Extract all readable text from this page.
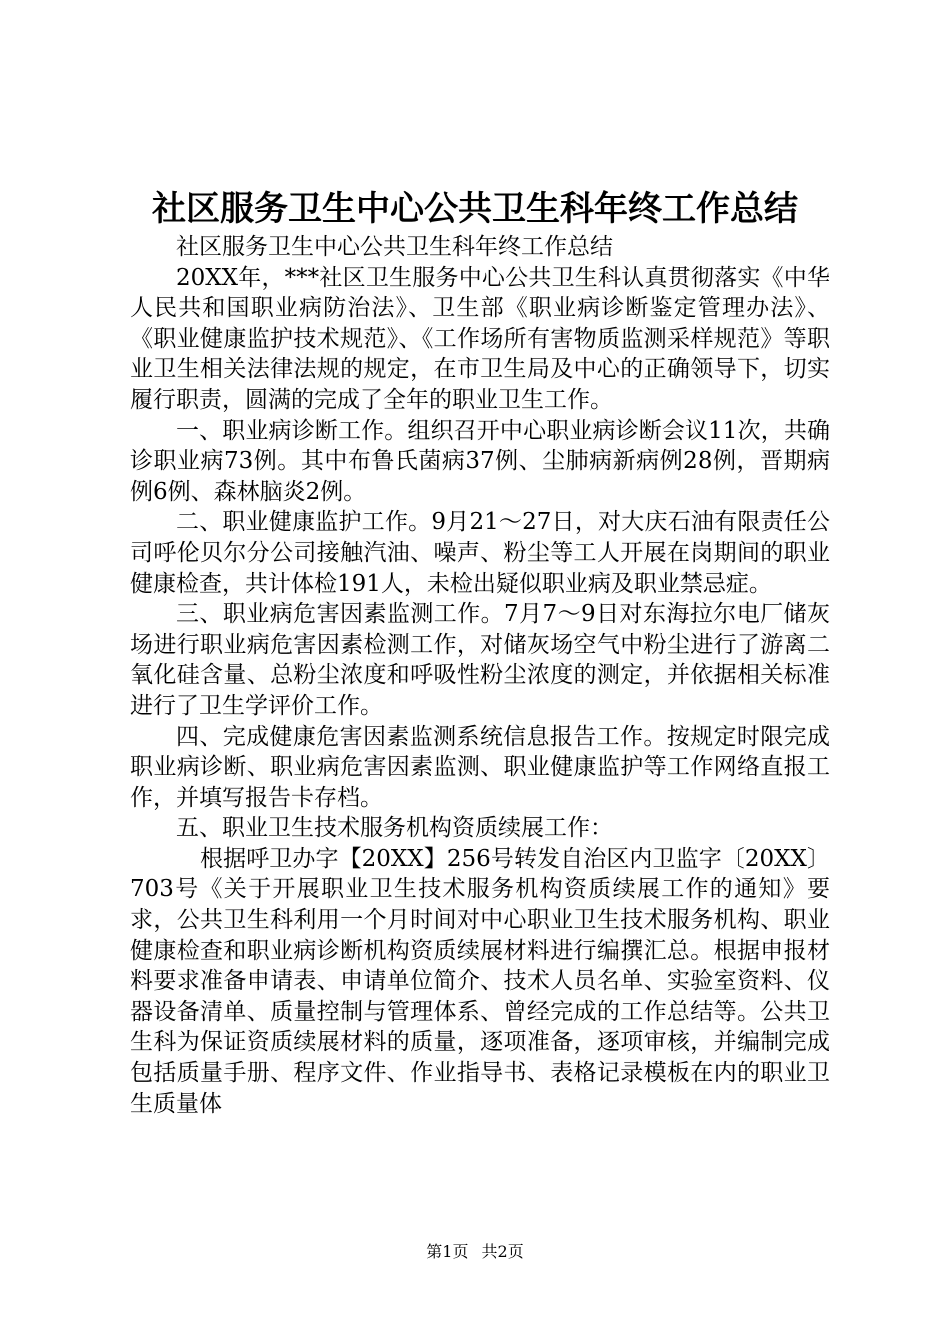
社区服务卫生中心公共卫生科年终工作总结

社区服务卫生中心公共卫生科年终工作总结

20XX年，***社区卫生服务中心公共卫生科认真贯彻落实《中华人民共和国职业病防治法》、卫生部《职业病诊断鉴定管理办法》、《职业健康监护技术规范》、《工作场所有害物质监测采样规范》等职业卫生相关法律法规的规定，在市卫生局及中心的正确领导下，切实履行职责，圆满的完成了全年的职业卫生工作。

一、职业病诊断工作。组织召开中心职业病诊断会议11次，共确诊职业病73例。其中布鲁氏菌病37例、尘肺病新病例28例，晋期病例6例、森林脑炎2例。

二、职业健康监护工作。9月21～27日，对大庆石油有限责任公司呼伦贝尔分公司接触汽油、噪声、粉尘等工人开展在岗期间的职业健康检查，共计体检191人，未检出疑似职业病及职业禁忌症。

三、职业病危害因素监测工作。7月7～9日对东海拉尔电厂储灰场进行职业病危害因素检测工作，对储灰场空气中粉尘进行了游离二氧化硅含量、总粉尘浓度和呼吸性粉尘浓度的测定，并依据相关标准进行了卫生学评价工作。

四、完成健康危害因素监测系统信息报告工作。按规定时限完成职业病诊断、职业病危害因素监测、职业健康监护等工作网络直报工作，并填写报告卡存档。

五、职业卫生技术服务机构资质续展工作：

根据呼卫办字【20XX】256号转发自治区内卫监字〔20XX〕703号《关于开展职业卫生技术服务机构资质续展工作的通知》要求，公共卫生科利用一个月时间对中心职业卫生技术服务机构、职业健康检查和职业病诊断机构资质续展材料进行编撰汇总。根据申报材料要求准备申请表、申请单位简介、技术人员名单、实验室资料、仪器设备清单、质量控制与管理体系、曾经完成的工作总结等。公共卫生科为保证资质续展材料的质量，逐项准备，逐项审核，并编制完成包括质量手册、程序文件、作业指导书、表格记录模板在内的职业卫生质量体

第1页 共2页
